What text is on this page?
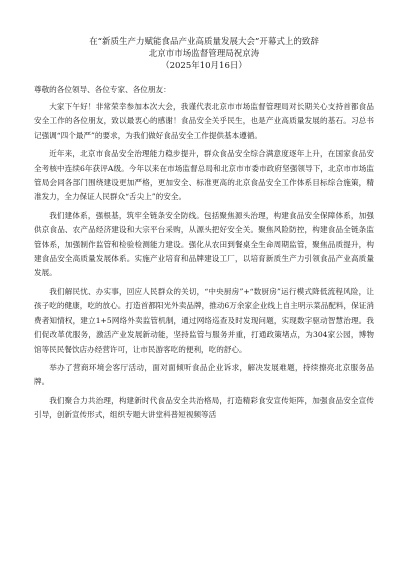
在“新质生产力赋能食品产业高质量发展大会”开幕式上的致辞
北京市市场监督管理局祝京涛
（2025年10月16日）
尊敬的各位领导、各位专家、各位朋友：

大家下午好！非常荣幸参加本次大会，我谨代表北京市市场监督管理局对长期关心支持首都食品安全工作的各位朋友，致以最衷心的感谢！食品安全关乎民生，也是产业高质量发展的基石。习总书记强调“四个最严”的要求，为我们做好食品安全工作提供基本遵循。

近年来，北京市食品安全治理能力稳步提升，群众食品安全综合满意度逐年上升，在国家食品安全考核中连续6年获评A级。今年以来在市场监督总局和北京市市委市政府坚强领导下，北京市市场监管局会同各部门围绕建设更加严格，更加安全、标准更高的北京食品安全工作体系目标综合施策，精准发力，全力保证人民群众“舌尖上”的安全。

我们建体系，强根基，筑牢全链条安全防线。包括聚焦源头治理，构建食品安全保障体系，加强供京食品、农产品经济建设和大宗平台采购，从源头把好安全关。聚焦风险防控，构建食品全链条监管体系，加强制作监管和检验检测能力建设。强化从农田到餐桌全生命周期监管，聚焦品质提升，构建食品安全高质量发展体系。实施产业培育和品牌建设工厂，以培育新质生产力引领食品产业高质量发展。

我们解民忧、办实事，回应人民群众的关切，“中央厨房”+“数厨房”运行模式降低流程风险，让孩子吃的健康，吃的放心。打造首都阳光外卖品牌，推动6万余家企业线上自主明示菜品配料，保证消费者知情权，建立1+5网络外卖监管机制，通过网络巡查及时发现问题，实现数字驱动智慧治理。我们促改革优服务，激活产业发展新动能，坚持监管与服务并重，打通政策堵点，为304家公园，博物馆等民民餐饮店办经营许可，让市民游客吃的便利，吃的舒心。

举办了营商环境会客厅活动，面对面倾听食品企业诉求，解决发展难题，持续擦亮北京服务品牌。

我们聚合力共治理，构建新时代食品安全共治格局，打造精彩食安宣传矩阵，加强食品安全宣传引导，创新宣传形式，组织专题大讲堂科普短视频等活
